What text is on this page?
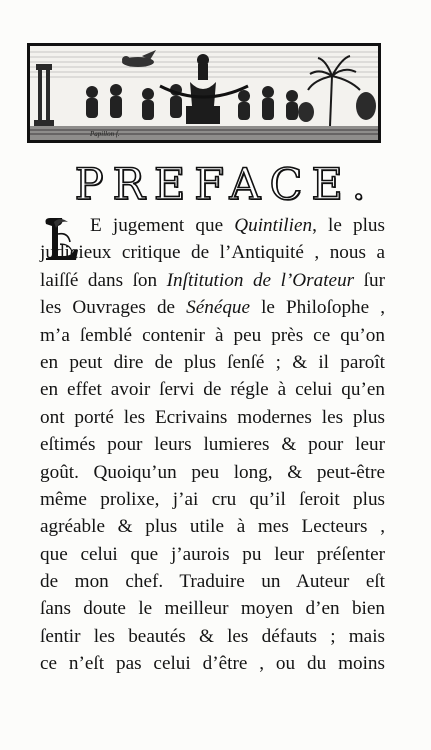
Papillon f.
PREFACE.
E jugement que Quintilien, le plus
judicieux critique de l’Antiquité , nous a
laiſſé dans ſon Inſtitution de l’Orateur ſur
les Ouvrages de Sénéque le Philoſophe ,
m’a ſemblé contenir à peu près ce qu’on
en peut dire de plus ſenſé ; & il paroît
en effet avoir ſervi de régle à celui qu’en
ont porté les Ecrivains modernes les plus
eſtimés pour leurs lumieres & pour leur
goût. Quoiqu’un peu long, & peut-être
même prolixe, j’ai cru qu’il ſeroit plus
agréable & plus utile à mes Lecteurs ,
que celui que j’aurois pu leur préſenter
de mon chef. Traduire un Auteur eſt
ſans doute le meilleur moyen d’en bien
ſentir les beautés & les défauts ; mais
ce n’eſt pas celui d’être , ou du moins
